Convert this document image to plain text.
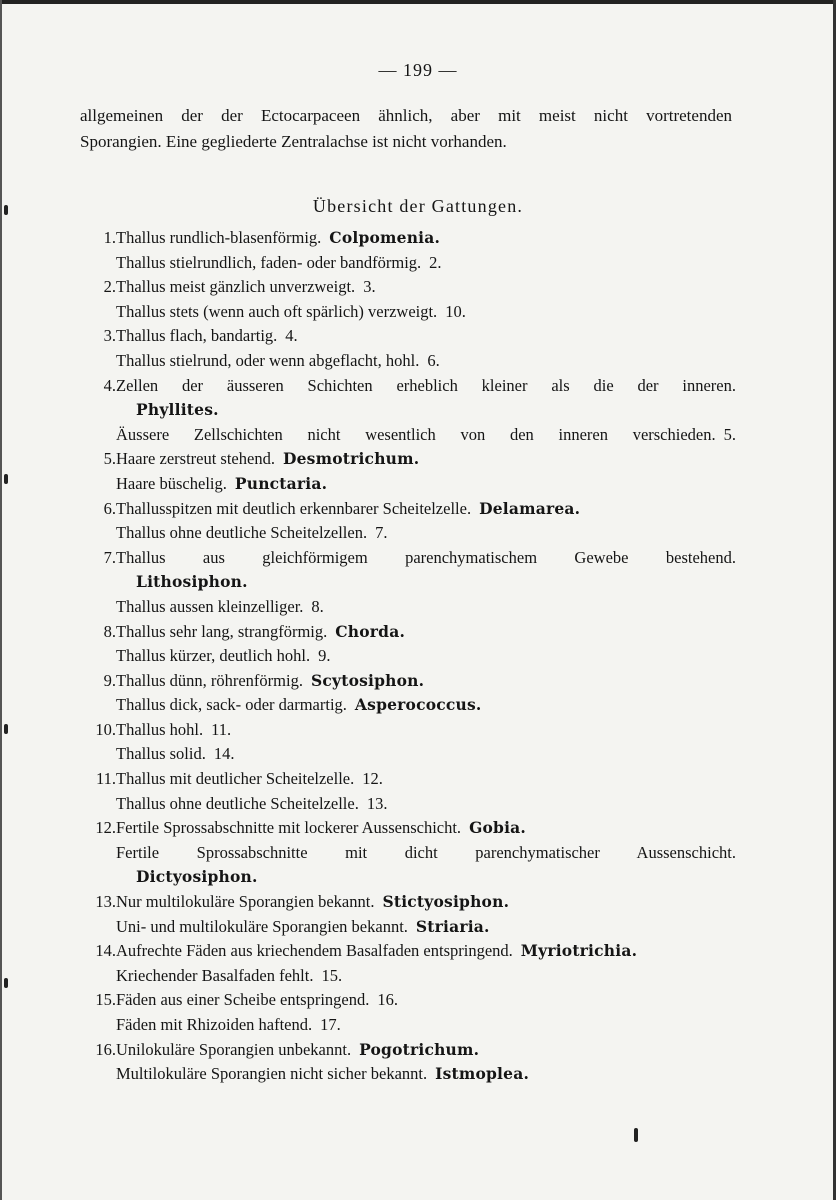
— 199 —

allgemeinen der der Ectocarpaceen ähnlich, aber mit meist nicht vortretenden

Sporangien. Eine gegliederte Zentralachse ist nicht vorhanden.

Übersicht der Gattungen.
1. Thallus rundlich-blasenförmig. Colpomenia.
Thallus stielrundlich, faden- oder bandförmig. 2.
2. Thallus meist gänzlich unverzweigt. 3.
Thallus stets (wenn auch oft spärlich) verzweigt. 10.
3. Thallus flach, bandartig. 4.
Thallus stielrund, oder wenn abgeflacht, hohl. 6.
4. Zellen der äusseren Schichten erheblich kleiner als die der inneren.
Phyllites.
Äussere Zellschichten nicht wesentlich von den inneren verschieden. 5.
5. Haare zerstreut stehend. Desmotrichum.
Haare büschelig. Punctaria.
6. Thallusspitzen mit deutlich erkennbarer Scheitelzelle. Delamarea.
Thallus ohne deutliche Scheitelzellen. 7.
7. Thallus aus gleichförmigem parenchymatischem Gewebe bestehend.
Lithosiphon.
Thallus aussen kleinzelliger. 8.
8. Thallus sehr lang, strangförmig. Chorda.
Thallus kürzer, deutlich hohl. 9.
9. Thallus dünn, röhrenförmig. Scytosiphon.
Thallus dick, sack- oder darmartig. Asperococcus.
10. Thallus hohl. 11.
Thallus solid. 14.
11. Thallus mit deutlicher Scheitelzelle. 12.
Thallus ohne deutliche Scheitelzelle. 13.
12. Fertile Sprossabschnitte mit lockerer Aussenschicht. Gobia.
Fertile Sprossabschnitte mit dicht parenchymatischer Aussenschicht.
Dictyosiphon.
13. Nur multilokuläre Sporangien bekannt. Stictyosiphon.
Uni- und multilokuläre Sporangien bekannt. Striaria.
14. Aufrechte Fäden aus kriechendem Basalfaden entspringend. Myriotrichia.
Kriechender Basalfaden fehlt. 15.
15. Fäden aus einer Scheibe entspringend. 16.
Fäden mit Rhizoiden haftend. 17.
16. Unilokuläre Sporangien unbekannt. Pogotrichum.
Multilokuläre Sporangien nicht sicher bekannt. Istmoplea.
